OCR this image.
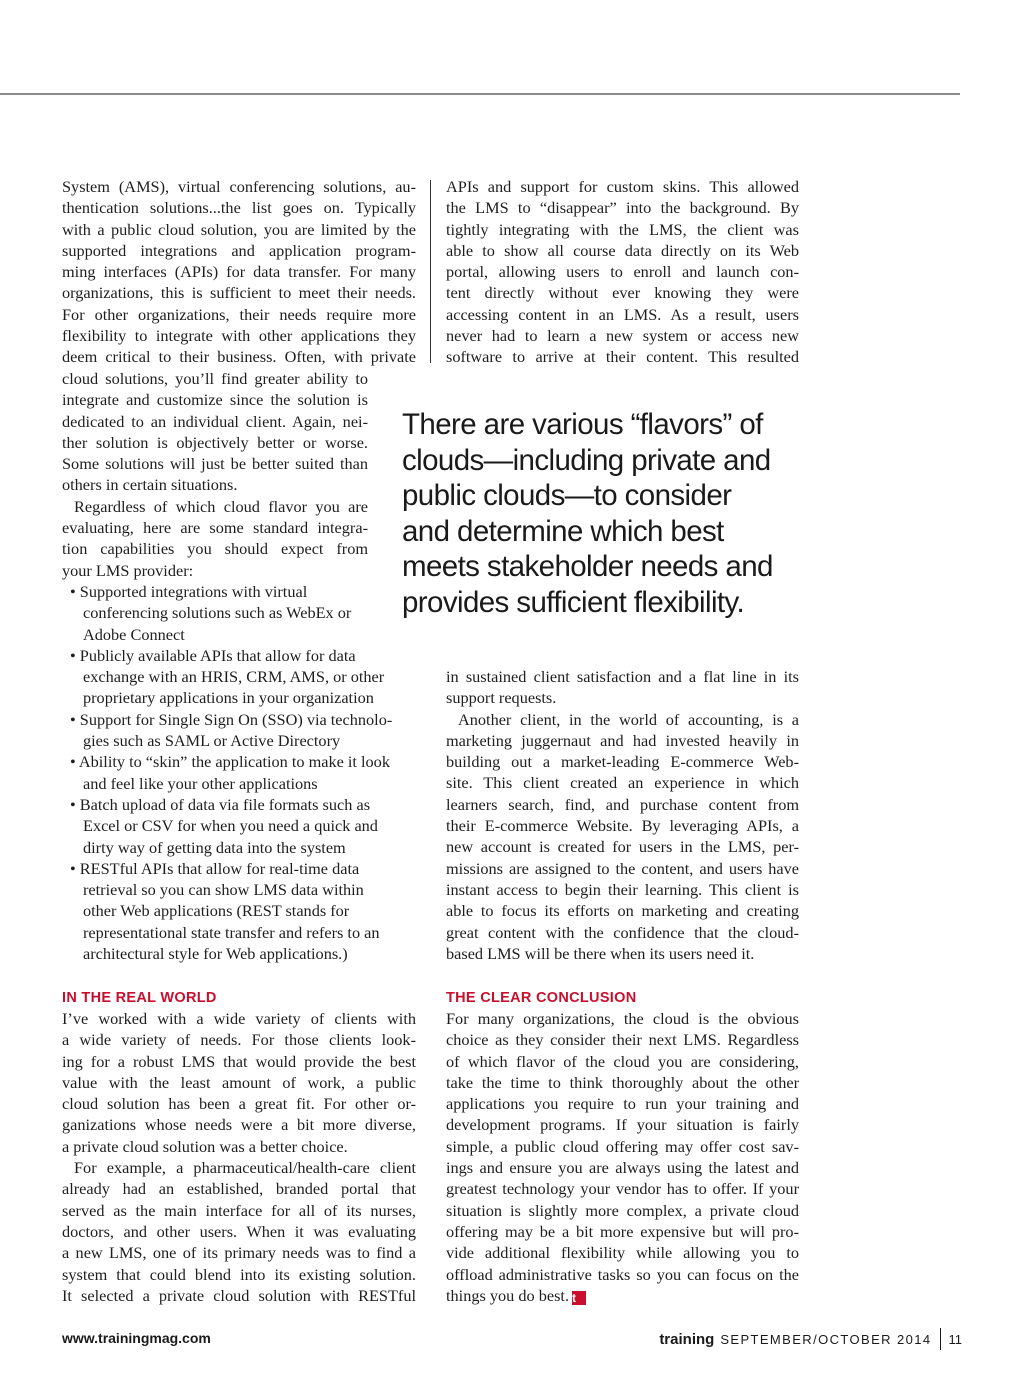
System (AMS), virtual conferencing solutions, au-
thentication solutions...the list goes on. Typically
with a public cloud solution, you are limited by the
supported integrations and application program-
ming interfaces (APIs) for data transfer. For many
organizations, this is sufficient to meet their needs.
For other organizations, their needs require more
flexibility to integrate with other applications they
deem critical to their business. Often, with private
cloud solutions, you’ll find greater ability to
integrate and customize since the solution is
dedicated to an individual client. Again, nei-
ther solution is objectively better or worse.
Some solutions will just be better suited than
others in certain situations.
Regardless of which cloud flavor you are
evaluating, here are some standard integra-
tion capabilities you should expect from
your LMS provider:
• Supported integrations with virtual
conferencing solutions such as WebEx or
Adobe Connect
• Publicly available APIs that allow for data
exchange with an HRIS, CRM, AMS, or other
proprietary applications in your organization
• Support for Single Sign On (SSO) via technolo-
gies such as SAML or Active Directory
• Ability to “skin” the application to make it look
and feel like your other applications
• Batch upload of data via file formats such as
Excel or CSV for when you need a quick and
dirty way of getting data into the system
• RESTful APIs that allow for real-time data
retrieval so you can show LMS data within
other Web applications (REST stands for
representational state transfer and refers to an
architectural style for Web applications.)
IN THE REAL WORLD
I’ve worked with a wide variety of clients with
a wide variety of needs. For those clients look-
ing for a robust LMS that would provide the best
value with the least amount of work, a public
cloud solution has been a great fit. For other or-
ganizations whose needs were a bit more diverse,
a private cloud solution was a better choice.
For example, a pharmaceutical/health-care client
already had an established, branded portal that
served as the main interface for all of its nurses,
doctors, and other users. When it was evaluating
a new LMS, one of its primary needs was to find a
system that could blend into its existing solution.
It selected a private cloud solution with RESTful
APIs and support for custom skins. This allowed
the LMS to “disappear” into the background. By
tightly integrating with the LMS, the client was
able to show all course data directly on its Web
portal, allowing users to enroll and launch con-
tent directly without ever knowing they were
accessing content in an LMS. As a result, users
never had to learn a new system or access new
software to arrive at their content. This resulted
There are various “flavors” of
clouds—including private and
public clouds—to consider
and determine which best
meets stakeholder needs and
provides sufficient flexibility.
in sustained client satisfaction and a flat line in its
support requests.
Another client, in the world of accounting, is a
marketing juggernaut and had invested heavily in
building out a market-leading E-commerce Web-
site. This client created an experience in which
learners search, find, and purchase content from
their E-commerce Website. By leveraging APIs, a
new account is created for users in the LMS, per-
missions are assigned to the content, and users have
instant access to begin their learning. This client is
able to focus its efforts on marketing and creating
great content with the confidence that the cloud-
based LMS will be there when its users need it.
THE CLEAR CONCLUSION
For many organizations, the cloud is the obvious
choice as they consider their next LMS. Regardless
of which flavor of the cloud you are considering,
take the time to think thoroughly about the other
applications you require to run your training and
development programs. If your situation is fairly
simple, a public cloud offering may offer cost sav-
ings and ensure you are always using the latest and
greatest technology your vendor has to offer. If your
situation is slightly more complex, a private cloud
offering may be a bit more expensive but will pro-
vide additional flexibility while allowing you to
offload administrative tasks so you can focus on the
things you do best. t
www.trainingmag.com	training SEPTEMBER/OCTOBER 2014 11
